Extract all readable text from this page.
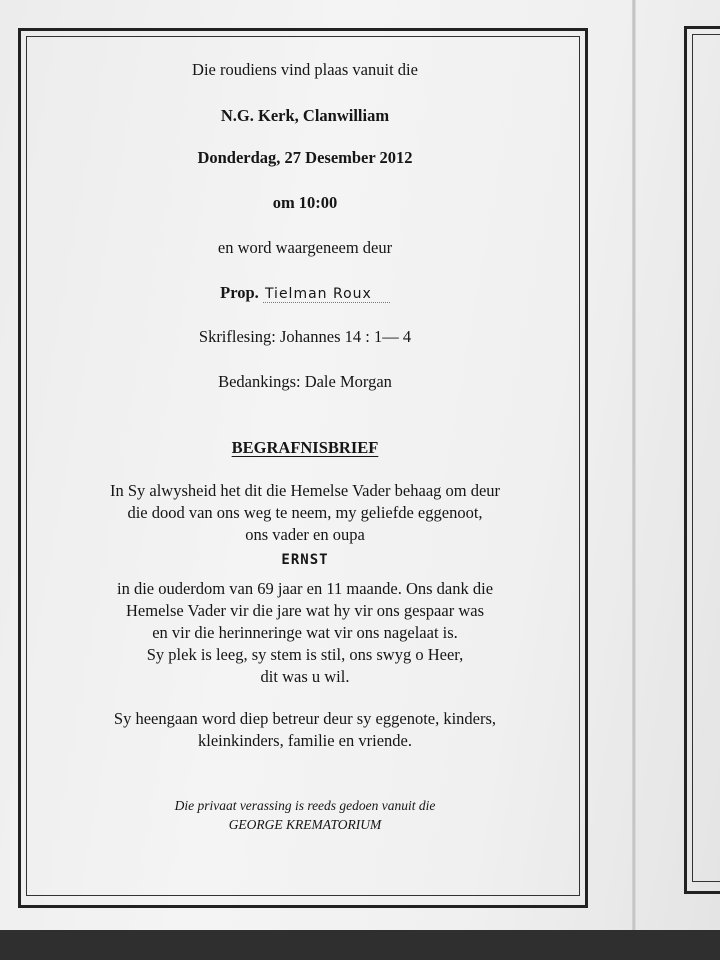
Die roudiens vind plaas vanuit die
N.G. Kerk, Clanwilliam
Donderdag, 27 Desember 2012
om 10:00
en word waargeneem deur
Prop. Tielman Roux
Skriflesing: Johannes 14 : 1— 4
Bedankings: Dale Morgan
BEGRAFNISBRIEF
In Sy alwysheid het dit die Hemelse Vader behaag om deur
die dood van ons weg te neem, my geliefde eggenoot,
ons vader en oupa
ERNST
in die ouderdom van 69 jaar en 11 maande. Ons dank die
Hemelse Vader vir die jare wat hy vir ons gespaar was
en vir die herinneringe wat vir ons nagelaat is.
Sy plek is leeg, sy stem is stil, ons swyg o Heer,
dit was u wil.
Sy heengaan word diep betreur deur sy eggenote, kinders,
kleinkinders, familie en vriende.
Die privaat verassing is reeds gedoen vanuit die
GEORGE KREMATORIUM
